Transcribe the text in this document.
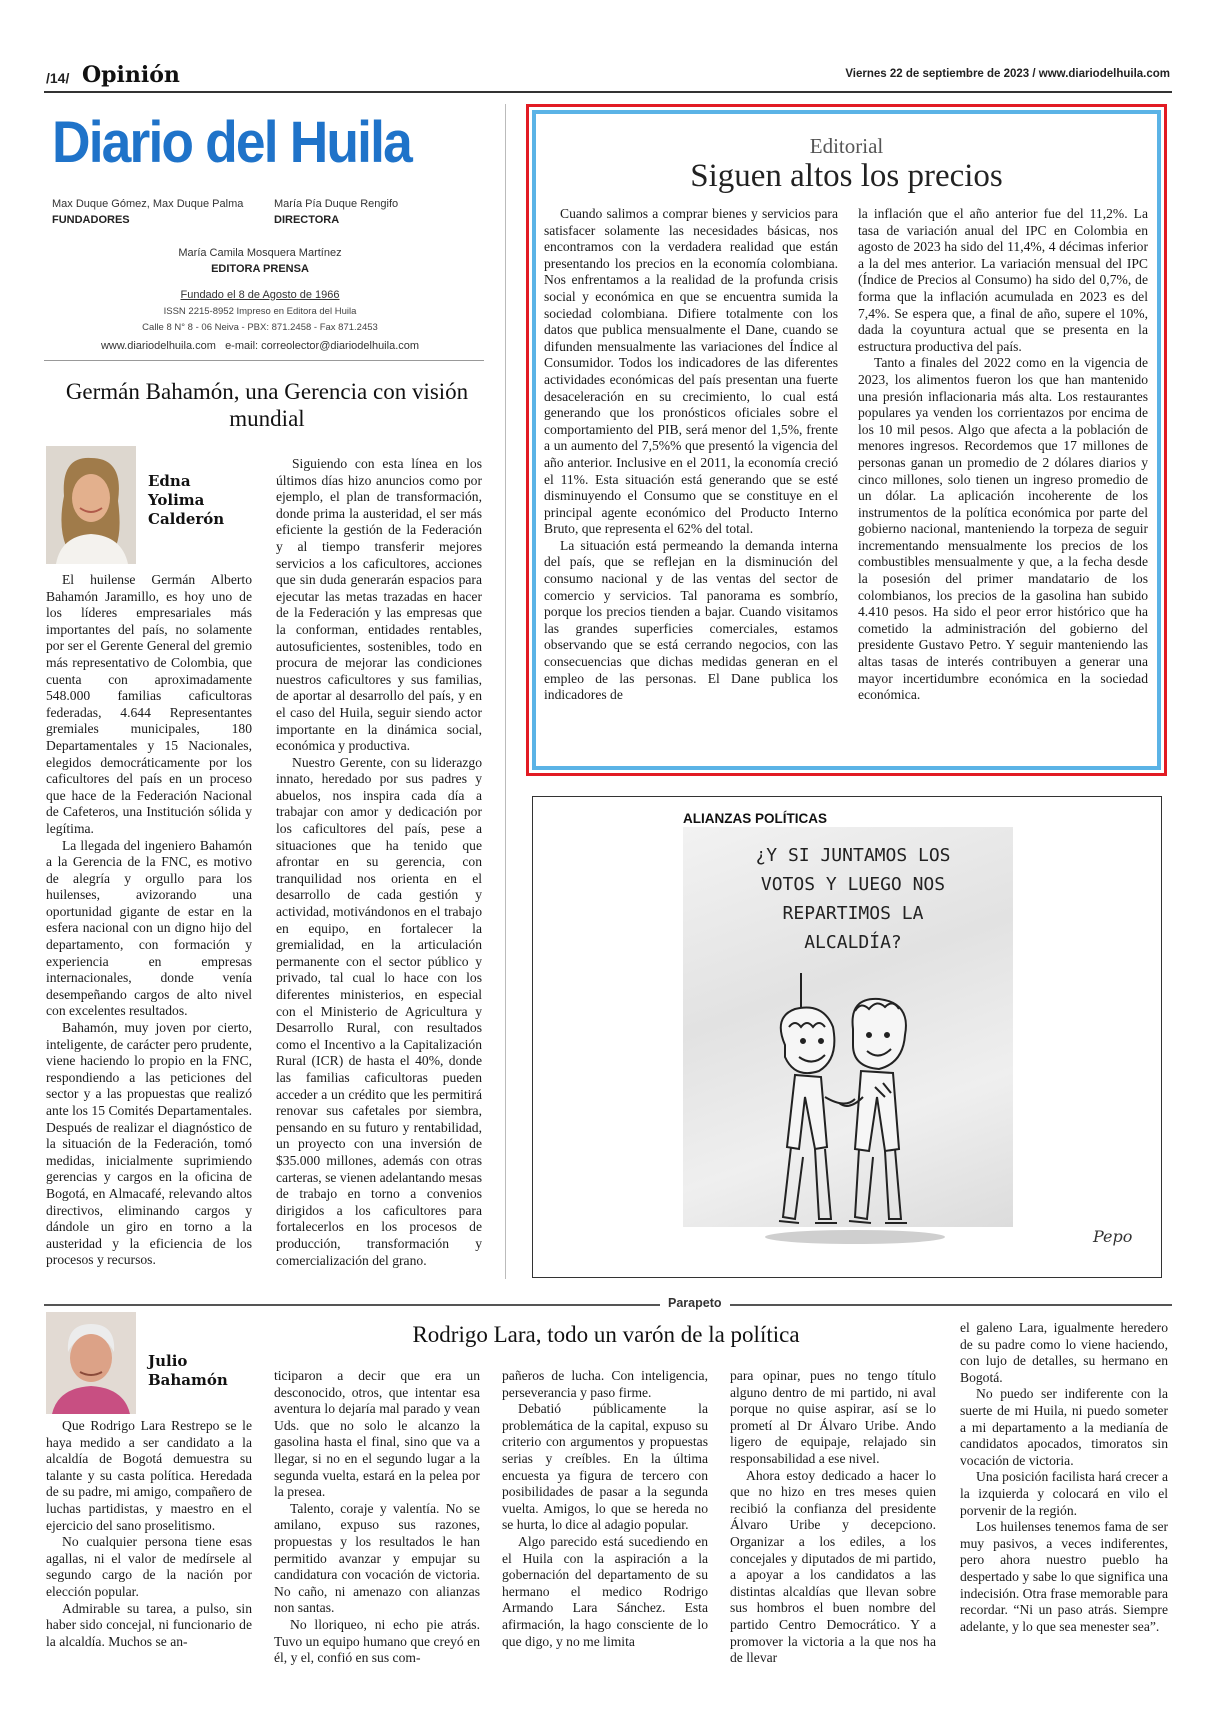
/14/ Opinión	Viernes 22 de septiembre de 2023 / www.diariodelhuila.com
Diario del Huila
Max Duque Gómez, Max Duque Palma
FUNDADORES
María Pía Duque Rengifo
DIRECTORA
María Camila Mosquera Martínez
EDITORA PRENSA
Fundado el 8 de Agosto de 1966
ISSN 2215-8952 Impreso en Editora del Huila
Calle 8 N° 8 - 06 Neiva - PBX: 871.2458 - Fax 871.2453
www.diariodelhuila.com   e-mail: correolector@diariodelhuila.com
Germán Bahamón, una Gerencia con visión mundial
Edna Yolima Calderón

El huilense Germán Alberto Bahamón Jaramillo, es hoy uno de los líderes empresariales más importantes del país, no solamente por ser el Gerente General del gremio más representativo de Colombia, que cuenta con aproximadamente 548.000 familias caficultoras federadas, 4.644 Representantes gremiales municipales, 180 Departamentales y 15 Nacionales, elegidos democráticamente por los caficultores del país en un proceso que hace de la Federación Nacional de Cafeteros, una Institución sólida y legítima.

La llegada del ingeniero Bahamón a la Gerencia de la FNC, es motivo de alegría y orgullo para los huilenses, avizorando una oportunidad gigante de estar en la esfera nacional con un digno hijo del departamento, con formación y experiencia en empresas internacionales, donde venía desempeñando cargos de alto nivel con excelentes resultados.

Bahamón, muy joven por cierto, inteligente, de carácter pero prudente, viene haciendo lo propio en la FNC, respondiendo a las peticiones del sector y a las propuestas que realizó ante los 15 Comités Departamentales. Después de realizar el diagnóstico de la situación de la Federación, tomó medidas, inicialmente suprimiendo gerencias y cargos en la oficina de Bogotá, en Almacafé, relevando altos directivos, eliminando cargos y dándole un giro en torno a la austeridad y la eficiencia de los procesos y recursos.

Siguiendo con esta línea en los últimos días hizo anuncios como por ejemplo, el plan de transformación, donde prima la austeridad, el ser más eficiente la gestión de la Federación y al tiempo transferir mejores servicios a los caficultores, acciones que sin duda generarán espacios para ejecutar las metas trazadas en hacer de la Federación y las empresas que la conforman, entidades rentables, autosuficientes, sostenibles, todo en procura de mejorar las condiciones nuestros caficultores y sus familias, de aportar al desarrollo del país, y en el caso del Huila, seguir siendo actor importante en la dinámica social, económica y productiva.

Nuestro Gerente, con su liderazgo innato, heredado por sus padres y abuelos, nos inspira cada día a trabajar con amor y dedicación por los caficultores del país, pese a situaciones que ha tenido que afrontar en su gerencia, con tranquilidad nos orienta en el desarrollo de cada gestión y actividad, motivándonos en el trabajo en equipo, en fortalecer la gremialidad, en la articulación permanente con el sector público y privado, tal cual lo hace con los diferentes ministerios, en especial con el Ministerio de Agricultura y Desarrollo Rural, con resultados como el Incentivo a la Capitalización Rural (ICR) de hasta el 40%, donde las familias caficultoras pueden acceder a un crédito que les permitirá renovar sus cafetales por siembra, pensando en su futuro y rentabilidad, un proyecto con una inversión de $35.000 millones, además con otras carteras, se vienen adelantando mesas de trabajo en torno a convenios dirigidos a los caficultores para fortalecerlos en los procesos de producción, transformación y comercialización del grano.

Editorial
Siguen altos los precios

Cuando salimos a comprar bienes y servicios para satisfacer solamente las necesidades básicas, nos encontramos con la verdadera realidad que están presentando los precios en la economía colombiana. Nos enfrentamos a la realidad de la profunda crisis social y económica en que se encuentra sumida la sociedad colombiana. Difiere totalmente con los datos que publica mensualmente el Dane, cuando se difunden mensualmente las variaciones del Índice al Consumidor. Todos los indicadores de las diferentes actividades económicas del país presentan una fuerte desaceleración en su crecimiento, lo cual está generando que los pronósticos oficiales sobre el comportamiento del PIB, será menor del 1,5%, frente a un aumento del 7,5%% que presentó la vigencia del año anterior. Inclusive en el 2011, la economía creció el 11%. Esta situación está generando que se esté disminuyendo el Consumo que se constituye en el principal agente económico del Producto Interno Bruto, que representa el 62% del total.

La situación está permeando la demanda interna del país, que se reflejan en la disminución del consumo nacional y de las ventas del sector de comercio y servicios. Tal panorama es sombrío, porque los precios tienden a bajar. Cuando visitamos las grandes superficies comerciales, estamos observando que se está cerrando negocios, con las consecuencias que dichas medidas generan en el empleo de las personas. El Dane publica los indicadores de

la inflación que el año anterior fue del 11,2%. La tasa de variación anual del IPC en Colombia en agosto de 2023 ha sido del 11,4%, 4 décimas inferior a la del mes anterior. La variación mensual del IPC (Índice de Precios al Consumo) ha sido del 0,7%, de forma que la inflación acumulada en 2023 es del 7,4%. Se espera que, a final de año, supere el 10%, dada la coyuntura actual que se presenta en la estructura productiva del país.

Tanto a finales del 2022 como en la vigencia de 2023, los alimentos fueron los que han mantenido una presión inflacionaria más alta. Los restaurantes populares ya venden los corrientazos por encima de los 10 mil pesos. Algo que afecta a la población de menores ingresos. Recordemos que 17 millones de personas ganan un promedio de 2 dólares diarios y cinco millones, solo tienen un ingreso promedio de un dólar. La aplicación incoherente de los instrumentos de la política económica por parte del gobierno nacional, manteniendo la torpeza de seguir incrementando mensualmente los precios de los combustibles mensualmente y que, a la fecha desde la posesión del primer mandatario de los colombianos, los precios de la gasolina han subido 4.410 pesos. Ha sido el peor error histórico que ha cometido la administración del gobierno del presidente Gustavo Petro. Y seguir manteniendo las altas tasas de interés contribuyen a generar una mayor incertidumbre económica en la sociedad económica.

Pepo
ALIANZAS POLÍTICAS
¿Y SI JUNTAMOS LOS
VOTOS Y LUEGO NOS
REPARTIMOS LA
ALCALDÍA?
Parapeto
Rodrigo Lara, todo un varón de la política
Julio Bahamón

Que Rodrigo Lara Restrepo se le haya medido a ser candidato a la alcaldía de Bogotá demuestra su talante y su casta política. Heredada de su padre, mi amigo, compañero de luchas partidistas, y maestro en el ejercicio del sano proselitismo.

No cualquier persona tiene esas agallas, ni el valor de medírsele al segundo cargo de la nación por elección popular.

Admirable su tarea, a pulso, sin haber sido concejal, ni funcionario de la alcaldía. Muchos se an-

ticiparon a decir que era un desconocido, otros, que intentar esa aventura lo dejaría mal parado y vean Uds. que no solo le alcanzo la gasolina hasta el final, sino que va a llegar, si no en el segundo lugar a la segunda vuelta, estará en la pelea por la presea.

Talento, coraje y valentía. No se amilano, expuso sus razones, propuestas y los resultados le han permitido avanzar y empujar su candidatura con vocación de victoria. No caño, ni amenazo con alianzas non santas.

No lloriqueo, ni echo pie atrás. Tuvo un equipo humano que creyó en él, y el, confió en sus com-

pañeros de lucha. Con inteligencia, perseverancia y paso firme.

Debatió públicamente la problemática de la capital, expuso su criterio con argumentos y propuestas serias y creíbles. En la última encuesta ya figura de tercero con posibilidades de pasar a la segunda vuelta. Amigos, lo que se hereda no se hurta, lo dice al adagio popular.

Algo parecido está sucediendo en el Huila con la aspiración a la gobernación del departamento de su hermano el medico Rodrigo Armando Lara Sánchez. Esta afirmación, la hago consciente de lo que digo, y no me limita

para opinar, pues no tengo título alguno dentro de mi partido, ni aval porque no quise aspirar, así se lo prometí al Dr Álvaro Uribe. Ando ligero de equipaje, relajado sin responsabilidad a ese nivel.

Ahora estoy dedicado a hacer lo que no hizo en tres meses quien recibió la confianza del presidente Álvaro Uribe y decepciono. Organizar a los ediles, a los concejales y diputados de mi partido, a apoyar a los candidatos a las distintas alcaldías que llevan sobre sus hombros el buen nombre del partido Centro Democrático. Y a promover la victoria a la que nos ha de llevar

el galeno Lara, igualmente heredero de su padre como lo viene haciendo, con lujo de detalles, su hermano en Bogotá.

No puedo ser indiferente con la suerte de mi Huila, ni puedo someter a mi departamento a la medianía de candidatos apocados, timoratos sin vocación de victoria.

Una posición facilista hará crecer a la izquierda y colocará en vilo el porvenir de la región.

Los huilenses tenemos fama de ser muy pasivos, a veces indiferentes, pero ahora nuestro pueblo ha despertado y sabe lo que significa una indecisión. Otra frase memorable para recordar. “Ni un paso atrás. Siempre adelante, y lo que sea menester sea”.
